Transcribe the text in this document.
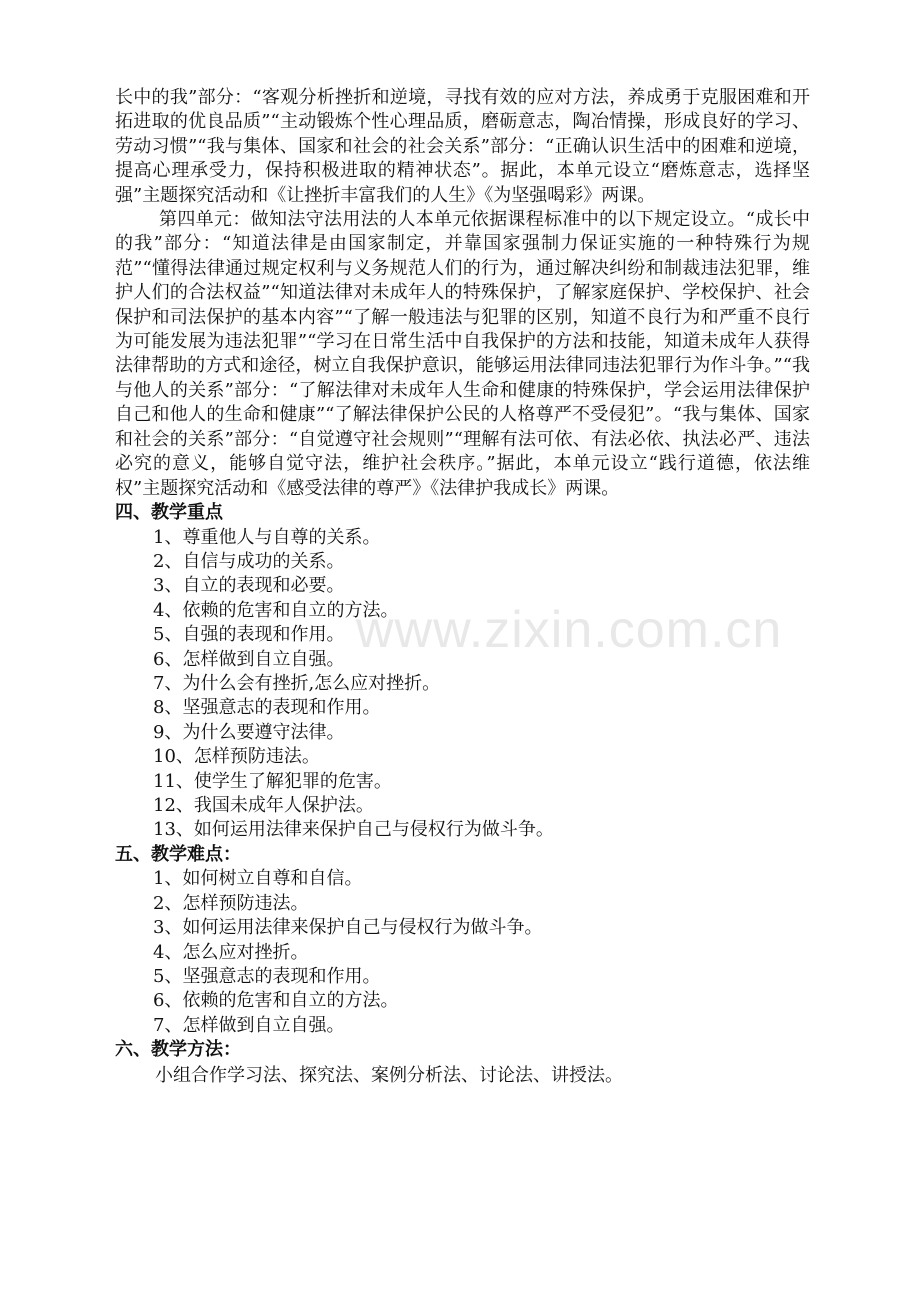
长中的我”部分：“客观分析挫折和逆境，寻找有效的应对方法，养成勇于克服困难和开拓进取的优良品质”“主动锻炼个性心理品质，磨砺意志，陶冶情操，形成良好的学习、劳动习惯”“我与集体、国家和社会的社会关系”部分：“正确认识生活中的困难和逆境，提高心理承受力，保持积极进取的精神状态”。据此，本单元设立“磨炼意志，选择坚强”主题探究活动和《让挫折丰富我们的人生》《为坚强喝彩》两课。

第四单元：做知法守法用法的人本单元依据课程标准中的以下规定设立。“成长中的我”部分：“知道法律是由国家制定，并靠国家强制力保证实施的一种特殊行为规范”“懂得法律通过规定权利与义务规范人们的行为，通过解决纠纷和制裁违法犯罪，维护人们的合法权益”“知道法律对未成年人的特殊保护，了解家庭保护、学校保护、社会保护和司法保护的基本内容”“了解一般违法与犯罪的区别，知道不良行为和严重不良行为可能发展为违法犯罪”“学习在日常生活中自我保护的方法和技能，知道未成年人获得法律帮助的方式和途径，树立自我保护意识，能够运用法律同违法犯罪行为作斗争。”“我与他人的关系”部分：“了解法律对未成年人生命和健康的特殊保护，学会运用法律保护自己和他人的生命和健康”“了解法律保护公民的人格尊严不受侵犯”。“我与集体、国家和社会的关系”部分：“自觉遵守社会规则”“理解有法可依、有法必依、执法必严、违法必究的意义，能够自觉守法，维护社会秩序。”据此，本单元设立“践行道德，依法维权”主题探究活动和《感受法律的尊严》《法律护我成长》两课。

四、教学重点

1、尊重他人与自尊的关系。
2、自信与成功的关系。
3、自立的表现和必要。
4、依赖的危害和自立的方法。
5、自强的表现和作用。
6、怎样做到自立自强。
7、为什么会有挫折,怎么应对挫折。
8、坚强意志的表现和作用。
9、为什么要遵守法律。
10、怎样预防违法。
11、使学生了解犯罪的危害。
12、我国未成年人保护法。
13、如何运用法律来保护自己与侵权行为做斗争。

五、教学难点：

1、如何树立自尊和自信。
2、怎样预防违法。
3、如何运用法律来保护自己与侵权行为做斗争。
4、怎么应对挫折。
5、坚强意志的表现和作用。
6、依赖的危害和自立的方法。
7、怎样做到自立自强。

六、教学方法：

小组合作学习法、探究法、案例分析法、讨论法、讲授法。

www.zixin.com.cn
